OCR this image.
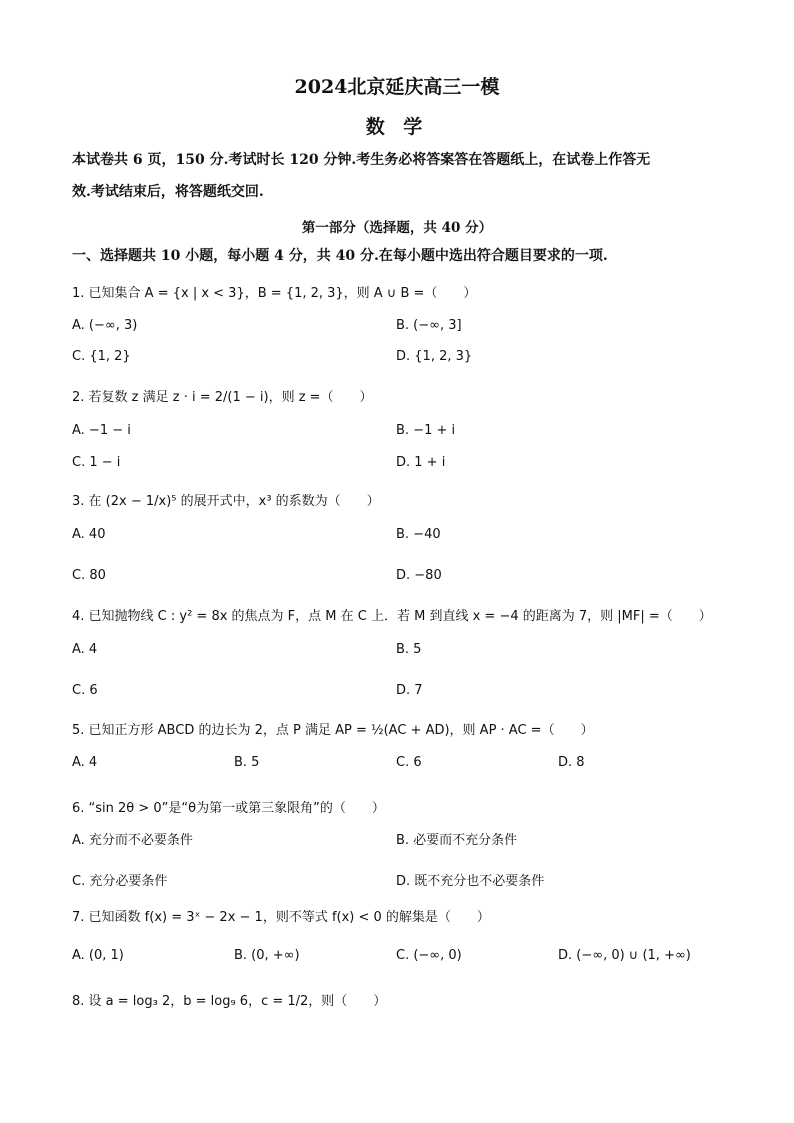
2024北京延庆高三一模
数 学
本试卷共 6 页，150 分.考试时长 120 分钟.考生务必将答案答在答题纸上，在试卷上作答无
效.考试结束后，将答题纸交回.
第一部分（选择题，共 40 分）
一、选择题共 10 小题，每小题 4 分，共 40 分.在每小题中选出符合题目要求的一项.
1. 已知集合 A = {x | x < 3}，B = {1, 2, 3}，则 A ∪ B =（　　）
A. (−∞, 3)	B. (−∞, 3]
C. {1, 2}	D. {1, 2, 3}
2. 若复数 z 满足 z · i = 2/(1 − i)，则 z =（　　）
A. −1 − i	B. −1 + i
C. 1 − i	D. 1 + i
3. 在 (2x − 1/x)⁵ 的展开式中，x³ 的系数为（　　）
A. 40	B. −40
C. 80	D. −80
4. 已知抛物线 C : y² = 8x 的焦点为 F，点 M 在 C 上．若 M 到直线 x = −4 的距离为 7，则 |MF| =（　　）
A. 4	B. 5
C. 6	D. 7
5. 已知正方形 ABCD 的边长为 2，点 P 满足 AP = ½(AC + AD)，则 AP · AC =（　　）
A. 4	B. 5	C. 6	D. 8
6. “sin 2θ > 0”是“θ为第一或第三象限角”的（　　）
A. 充分而不必要条件	B. 必要而不充分条件
C. 充分必要条件	D. 既不充分也不必要条件
7. 已知函数 f(x) = 3ˣ − 2x − 1，则不等式 f(x) < 0 的解集是（　　）
A. (0, 1)	B. (0, +∞)	C. (−∞, 0)	D. (−∞, 0) ∪ (1, +∞)
8. 设 a = log₃ 2，b = log₉ 6，c = 1/2，则（　　）
